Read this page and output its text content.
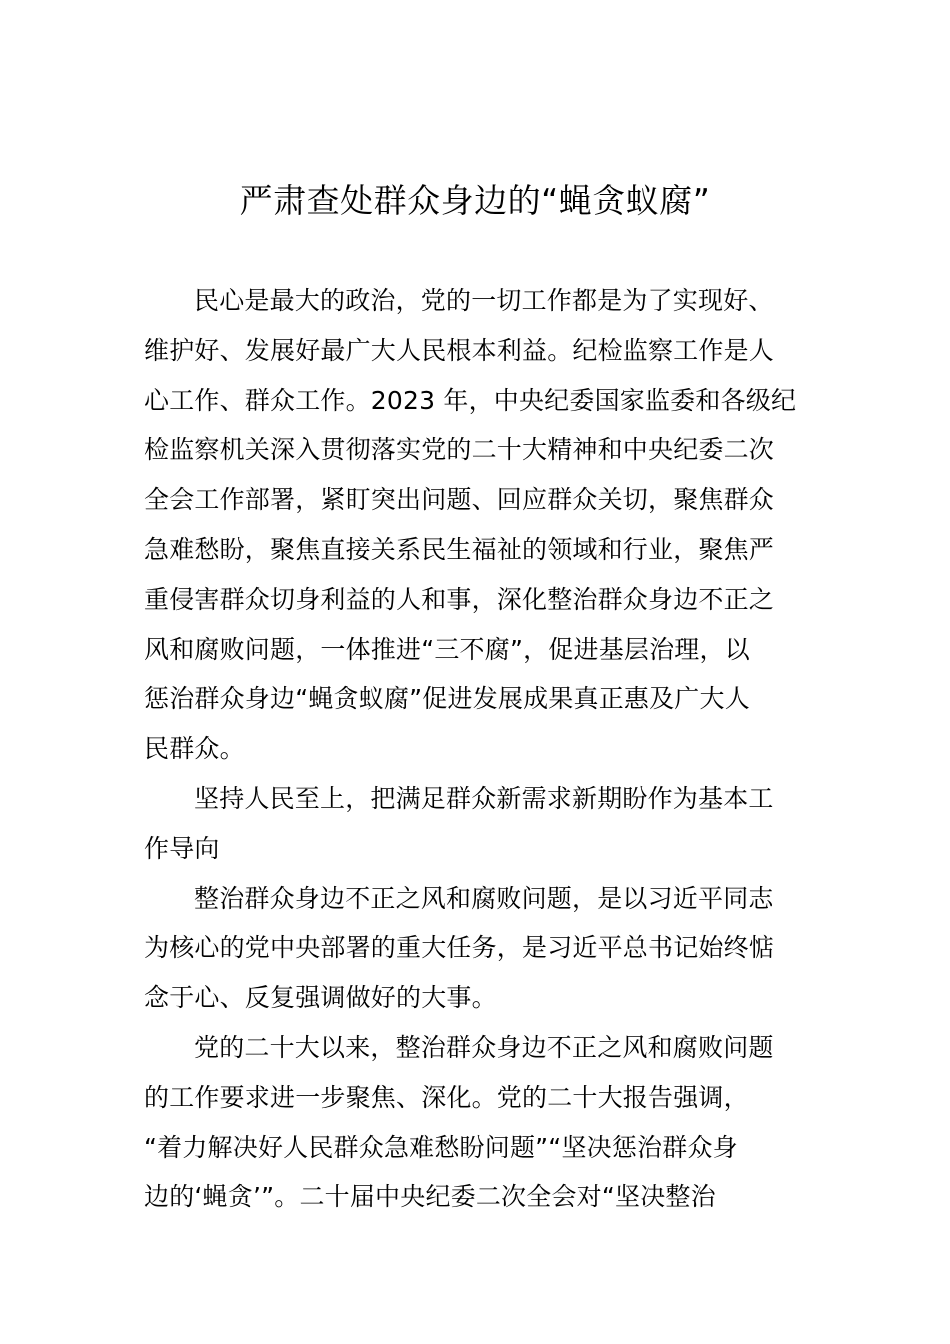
严肃查处群众身边的“蝇贪蚁腐”

民心是最大的政治，党的一切工作都是为了实现好、
维护好、发展好最广大人民根本利益。纪检监察工作是人
心工作、群众工作。2023 年，中央纪委国家监委和各级纪
检监察机关深入贯彻落实党的二十大精神和中央纪委二次
全会工作部署，紧盯突出问题、回应群众关切，聚焦群众
急难愁盼，聚焦直接关系民生福祉的领域和行业，聚焦严
重侵害群众切身利益的人和事，深化整治群众身边不正之
风和腐败问题，一体推进“三不腐”，促进基层治理，以
惩治群众身边“蝇贪蚁腐”促进发展成果真正惠及广大人
民群众。

坚持人民至上，把满足群众新需求新期盼作为基本工
作导向

整治群众身边不正之风和腐败问题，是以习近平同志
为核心的党中央部署的重大任务，是习近平总书记始终惦
念于心、反复强调做好的大事。

党的二十大以来，整治群众身边不正之风和腐败问题
的工作要求进一步聚焦、深化。党的二十大报告强调，
“着力解决好人民群众急难愁盼问题”“坚决惩治群众身
边的‘蝇贪’”。二十届中央纪委二次全会对“坚决整治
